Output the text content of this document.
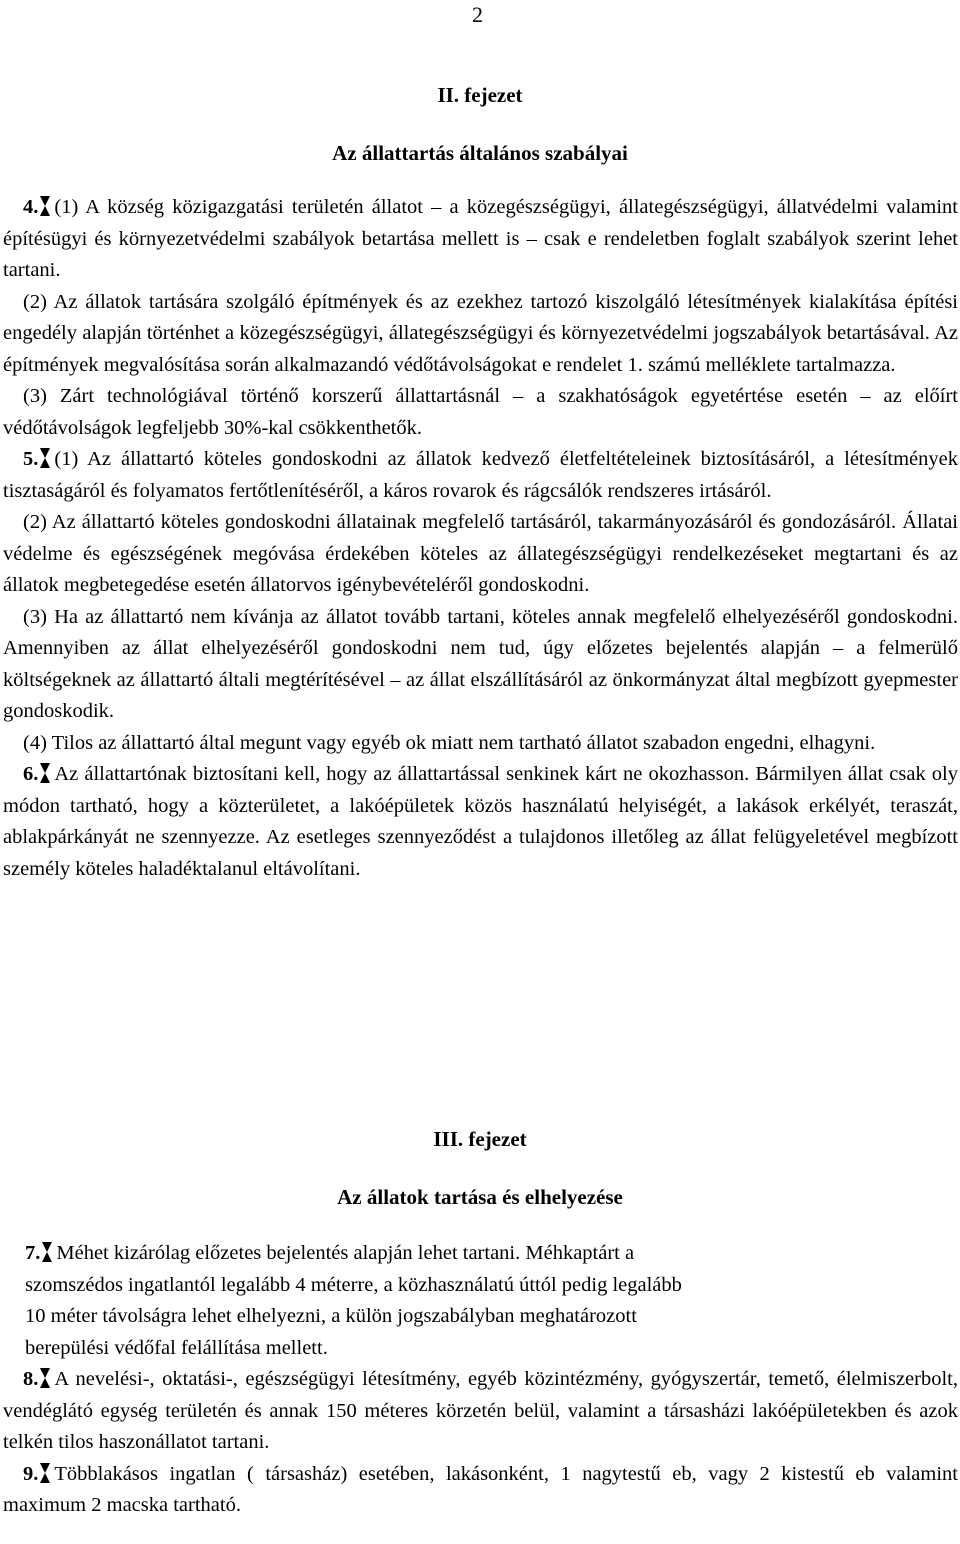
2
II. fejezet
Az állattartás általános szabályai

4. (1) A község közigazgatási területén állatot – a közegészségügyi, állategészségügyi, állatvédelmi valamint építésügyi és környezetvédelmi szabályok betartása mellett is – csak e rendeletben foglalt szabályok szerint lehet tartani.

(2) Az állatok tartására szolgáló építmények és az ezekhez tartozó kiszolgáló létesítmények kialakítása építési engedély alapján történhet a közegészségügyi, állategészségügyi és környezetvédelmi jogszabályok betartásával. Az építmények megvalósítása során alkalmazandó védőtávolságokat e rendelet 1. számú melléklete tartalmazza.

(3) Zárt technológiával történő korszerű állattartásnál – a szakhatóságok egyetértése esetén – az előírt védőtávolságok legfeljebb 30%-kal csökkenthetők.

5. (1) Az állattartó köteles gondoskodni az állatok kedvező életfeltételeinek biztosításáról, a létesítmények tisztaságáról és folyamatos fertőtlenítéséről, a káros rovarok és rágcsálók rendszeres irtásáról.

(2) Az állattartó köteles gondoskodni állatainak megfelelő tartásáról, takarmányozásáról és gondozásáról. Állatai védelme és egészségének megóvása érdekében köteles az állategészségügyi rendelkezéseket megtartani és az állatok megbetegedése esetén állatorvos igénybevételéről gondoskodni.

(3) Ha az állattartó nem kívánja az állatot tovább tartani, köteles annak megfelelő elhelyezéséről gondoskodni. Amennyiben az állat elhelyezéséről gondoskodni nem tud, úgy előzetes bejelentés alapján – a felmerülő költségeknek az állattartó általi megtérítésével – az állat elszállításáról az önkormányzat által megbízott gyepmester gondoskodik.

(4) Tilos az állattartó által megunt vagy egyéb ok miatt nem tartható állatot szabadon engedni, elhagyni.

6. Az állattartónak biztosítani kell, hogy az állattartással senkinek kárt ne okozhasson. Bármilyen állat csak oly módon tartható, hogy a közterületet, a lakóépületek közös használatú helyiségét, a lakások erkélyét, teraszát, ablakpárkányát ne szennyezze. Az esetleges szennyeződést a tulajdonos illetőleg az állat felügyeletével megbízott személy köteles haladéktalanul eltávolítani.

III. fejezet
Az állatok tartása és elhelyezése

7. Méhet kizárólag előzetes bejelentés alapján lehet tartani. Méhkaptárt a

szomszédos ingatlantól legalább 4 méterre, a közhasználatú úttól pedig legalább

10 méter távolságra lehet elhelyezni, a külön jogszabályban meghatározott

berepülési védőfal felállítása mellett.

8. A nevelési-, oktatási-, egészségügyi létesítmény, egyéb közintézmény, gyógyszertár, temető, élelmiszerbolt, vendéglátó egység területén és annak 150 méteres körzetén belül, valamint a társasházi lakóépületekben és azok telkén tilos haszonállatot tartani.

9. Többlakásos ingatlan ( társasház) esetében, lakásonként, 1 nagytestű eb, vagy 2 kistestű eb valamint maximum 2 macska tartható.
